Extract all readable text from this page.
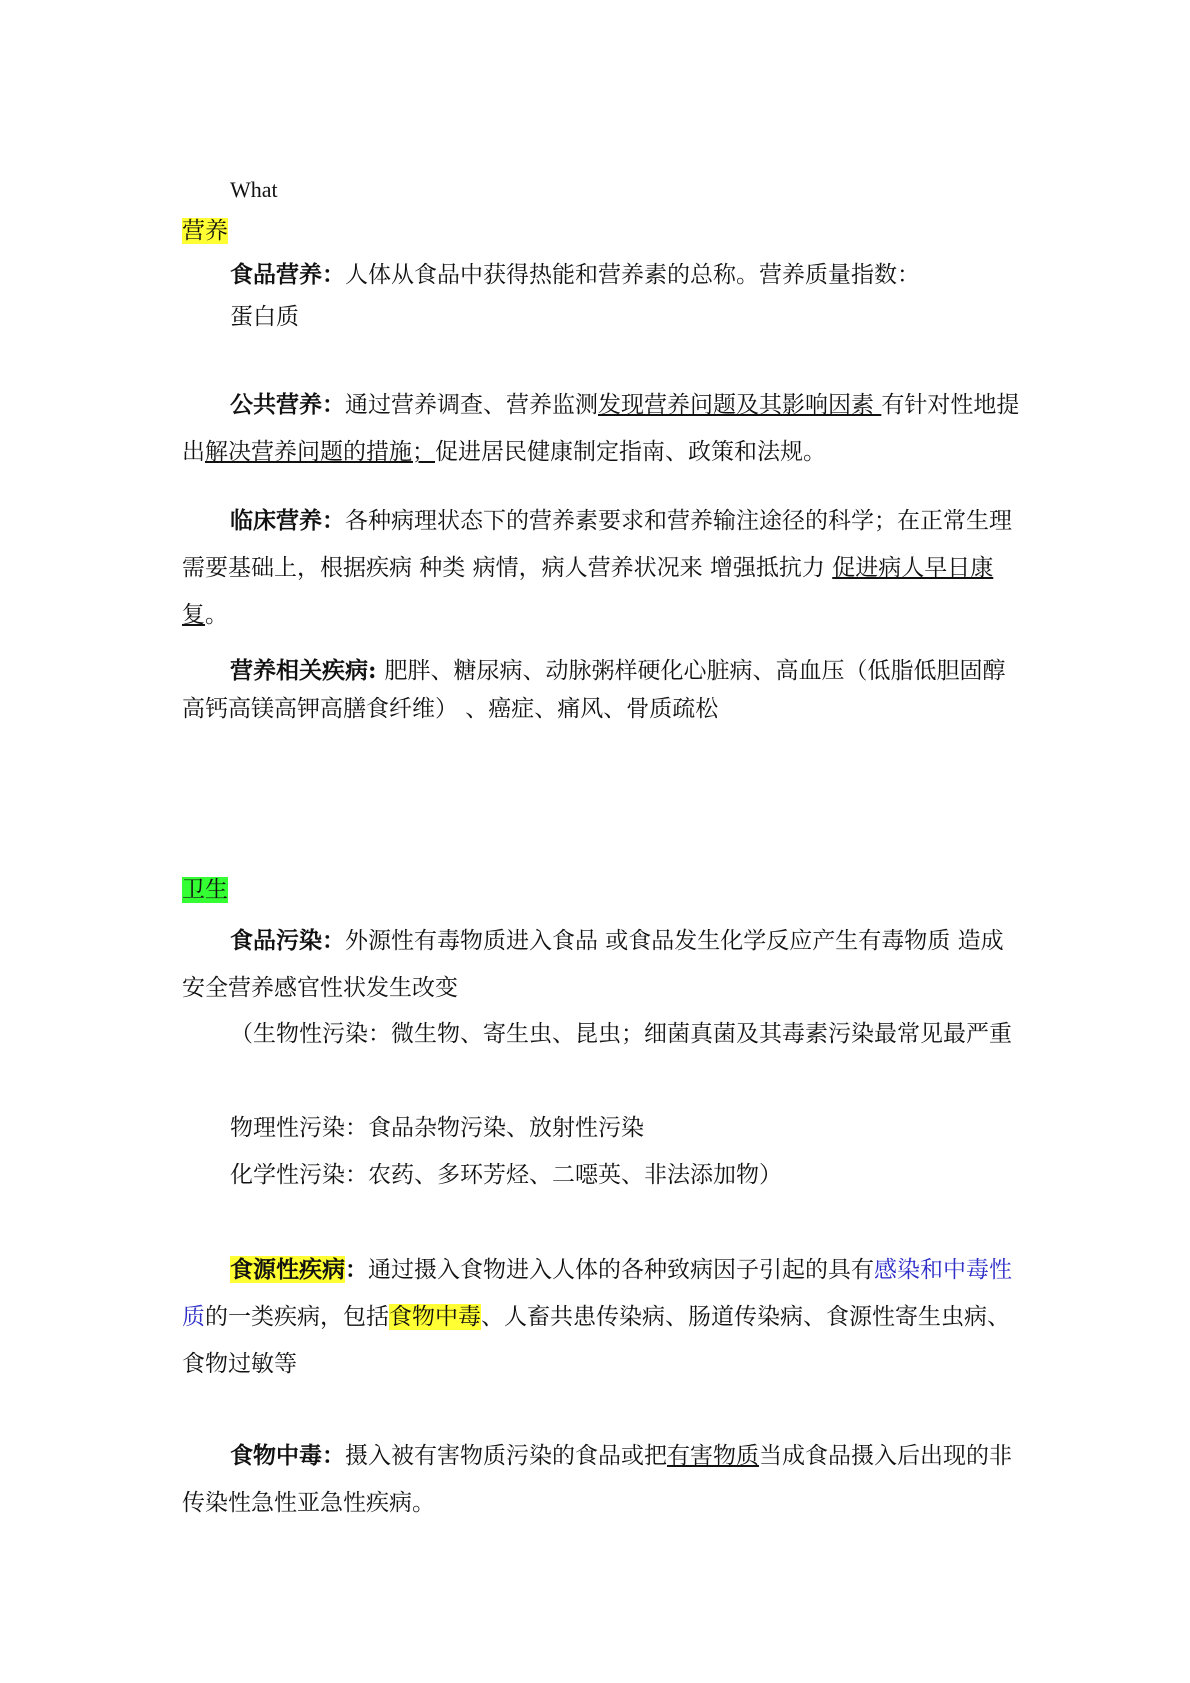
What
营养
食品营养：人体从食品中获得热能和营养素的总称。营养质量指数：
蛋白质
公共营养：通过营养调查、营养监测发现营养问题及其影响因素 有针对性地提出解决营养问题的措施；促进居民健康制定指南、政策和法规。
临床营养：各种病理状态下的营养素要求和营养输注途径的科学；在正常生理需要基础上，根据疾病 种类 病情，病人营养状况来 增强抵抗力 促进病人早日康复。
营养相关疾病: 肥胖、糖尿病、动脉粥样硬化心脏病、高血压（低脂低胆固醇 高钙高镁高钾高膳食纤维） 、癌症、痛风、骨质疏松
卫生
食品污染：外源性有毒物质进入食品 或食品发生化学反应产生有毒物质 造成安全营养感官性状发生改变
（生物性污染：微生物、寄生虫、昆虫；细菌真菌及其毒素污染最常见最严重
物理性污染：食品杂物污染、放射性污染
化学性污染：农药、多环芳烃、二噁英、非法添加物）
食源性疾病：通过摄入食物进入人体的各种致病因子引起的具有感染和中毒性质的一类疾病，包括食物中毒、人畜共患传染病、肠道传染病、食源性寄生虫病、食物过敏等
食物中毒：摄入被有害物质污染的食品或把有害物质当成食品摄入后出现的非传染性急性亚急性疾病。
